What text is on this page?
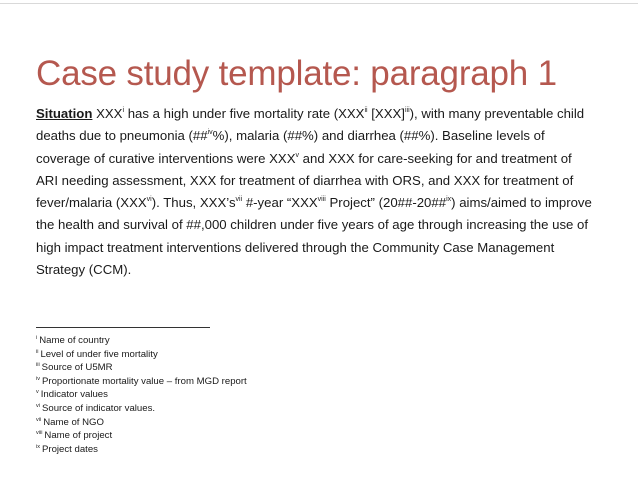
Case study template: paragraph 1
Situation XXX$^i$ has a high under five mortality rate (XXX$^{ii}$ [XXX]$^{iii}$), with many preventable child deaths due to pneumonia (##$^{iv}$%), malaria (##%) and diarrhea (##%). Baseline levels of coverage of curative interventions were XXX$^v$ and XXX for care-seeking for and treatment of ARI needing assessment, XXX for treatment of diarrhea with ORS, and XXX for treatment of fever/malaria (XXX$^{vi}$). Thus, $XXX’s^{vii}$ #-year “XXX$^{viii}$ Project” (20##-20##$^{ix}$) aims/aimed to improve the health and survival of ##,000 children under five years of age through increasing the use of high impact treatment interventions delivered through the Community Case Management Strategy (CCM).
$^i$ Name of country
$^{ii}$ Level of under five mortality
$^{iii}$ Source of U5MR
$^{iv}$ Proportionate mortality value – from MGD report
$^v$ Indicator values
$^{vi}$ Source of indicator values.
$^{vii}$ Name of NGO
$^{viii}$ Name of project
$^{ix}$ Project dates
